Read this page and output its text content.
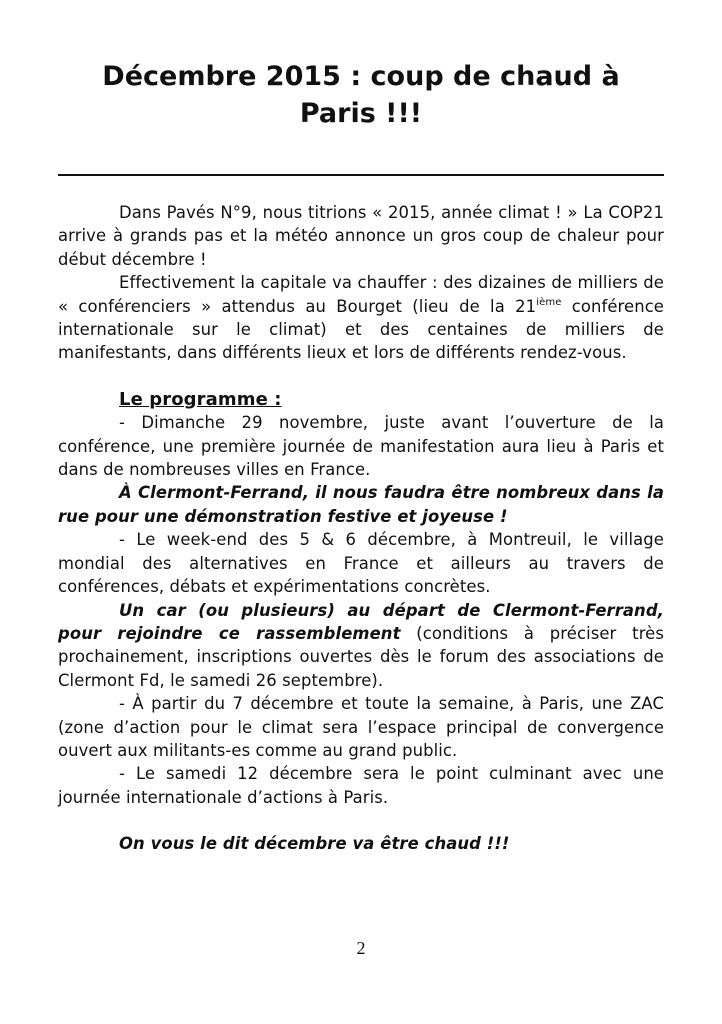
Décembre 2015 : coup de chaud à
Paris !!!

Dans Pavés N°9, nous titrions « 2015, année climat ! » La COP21 arrive à grands pas et la météo annonce un gros coup de chaleur pour début décembre !

Effectivement la capitale va chauffer : des dizaines de milliers de « conférenciers » attendus au Bourget (lieu de la 21ième conférence internationale sur le climat) et des centaines de milliers de manifestants, dans différents lieux et lors de différents rendez-vous.

Le programme :

- Dimanche 29 novembre, juste avant l’ouverture de la conférence, une première journée de manifestation aura lieu à Paris et dans de nombreuses villes en France.

À Clermont-Ferrand, il nous faudra être nombreux dans la rue pour une démonstration festive et joyeuse !

- Le week-end des 5 & 6 décembre, à Montreuil, le village mondial des alternatives en France et ailleurs au travers de conférences, débats et expérimentations concrètes.

Un car (ou plusieurs) au départ de Clermont-Ferrand, pour rejoindre ce rassemblement (conditions à préciser très prochainement, inscriptions ouvertes dès le forum des associations de Clermont Fd, le samedi 26 septembre).

- À partir du 7 décembre et toute la semaine, à Paris, une ZAC (zone d’action pour le climat sera l’espace principal de convergence ouvert aux militants-es comme au grand public.

- Le samedi 12 décembre sera le point culminant avec une journée internationale d’actions à Paris.

On vous le dit décembre va être chaud !!!

2
